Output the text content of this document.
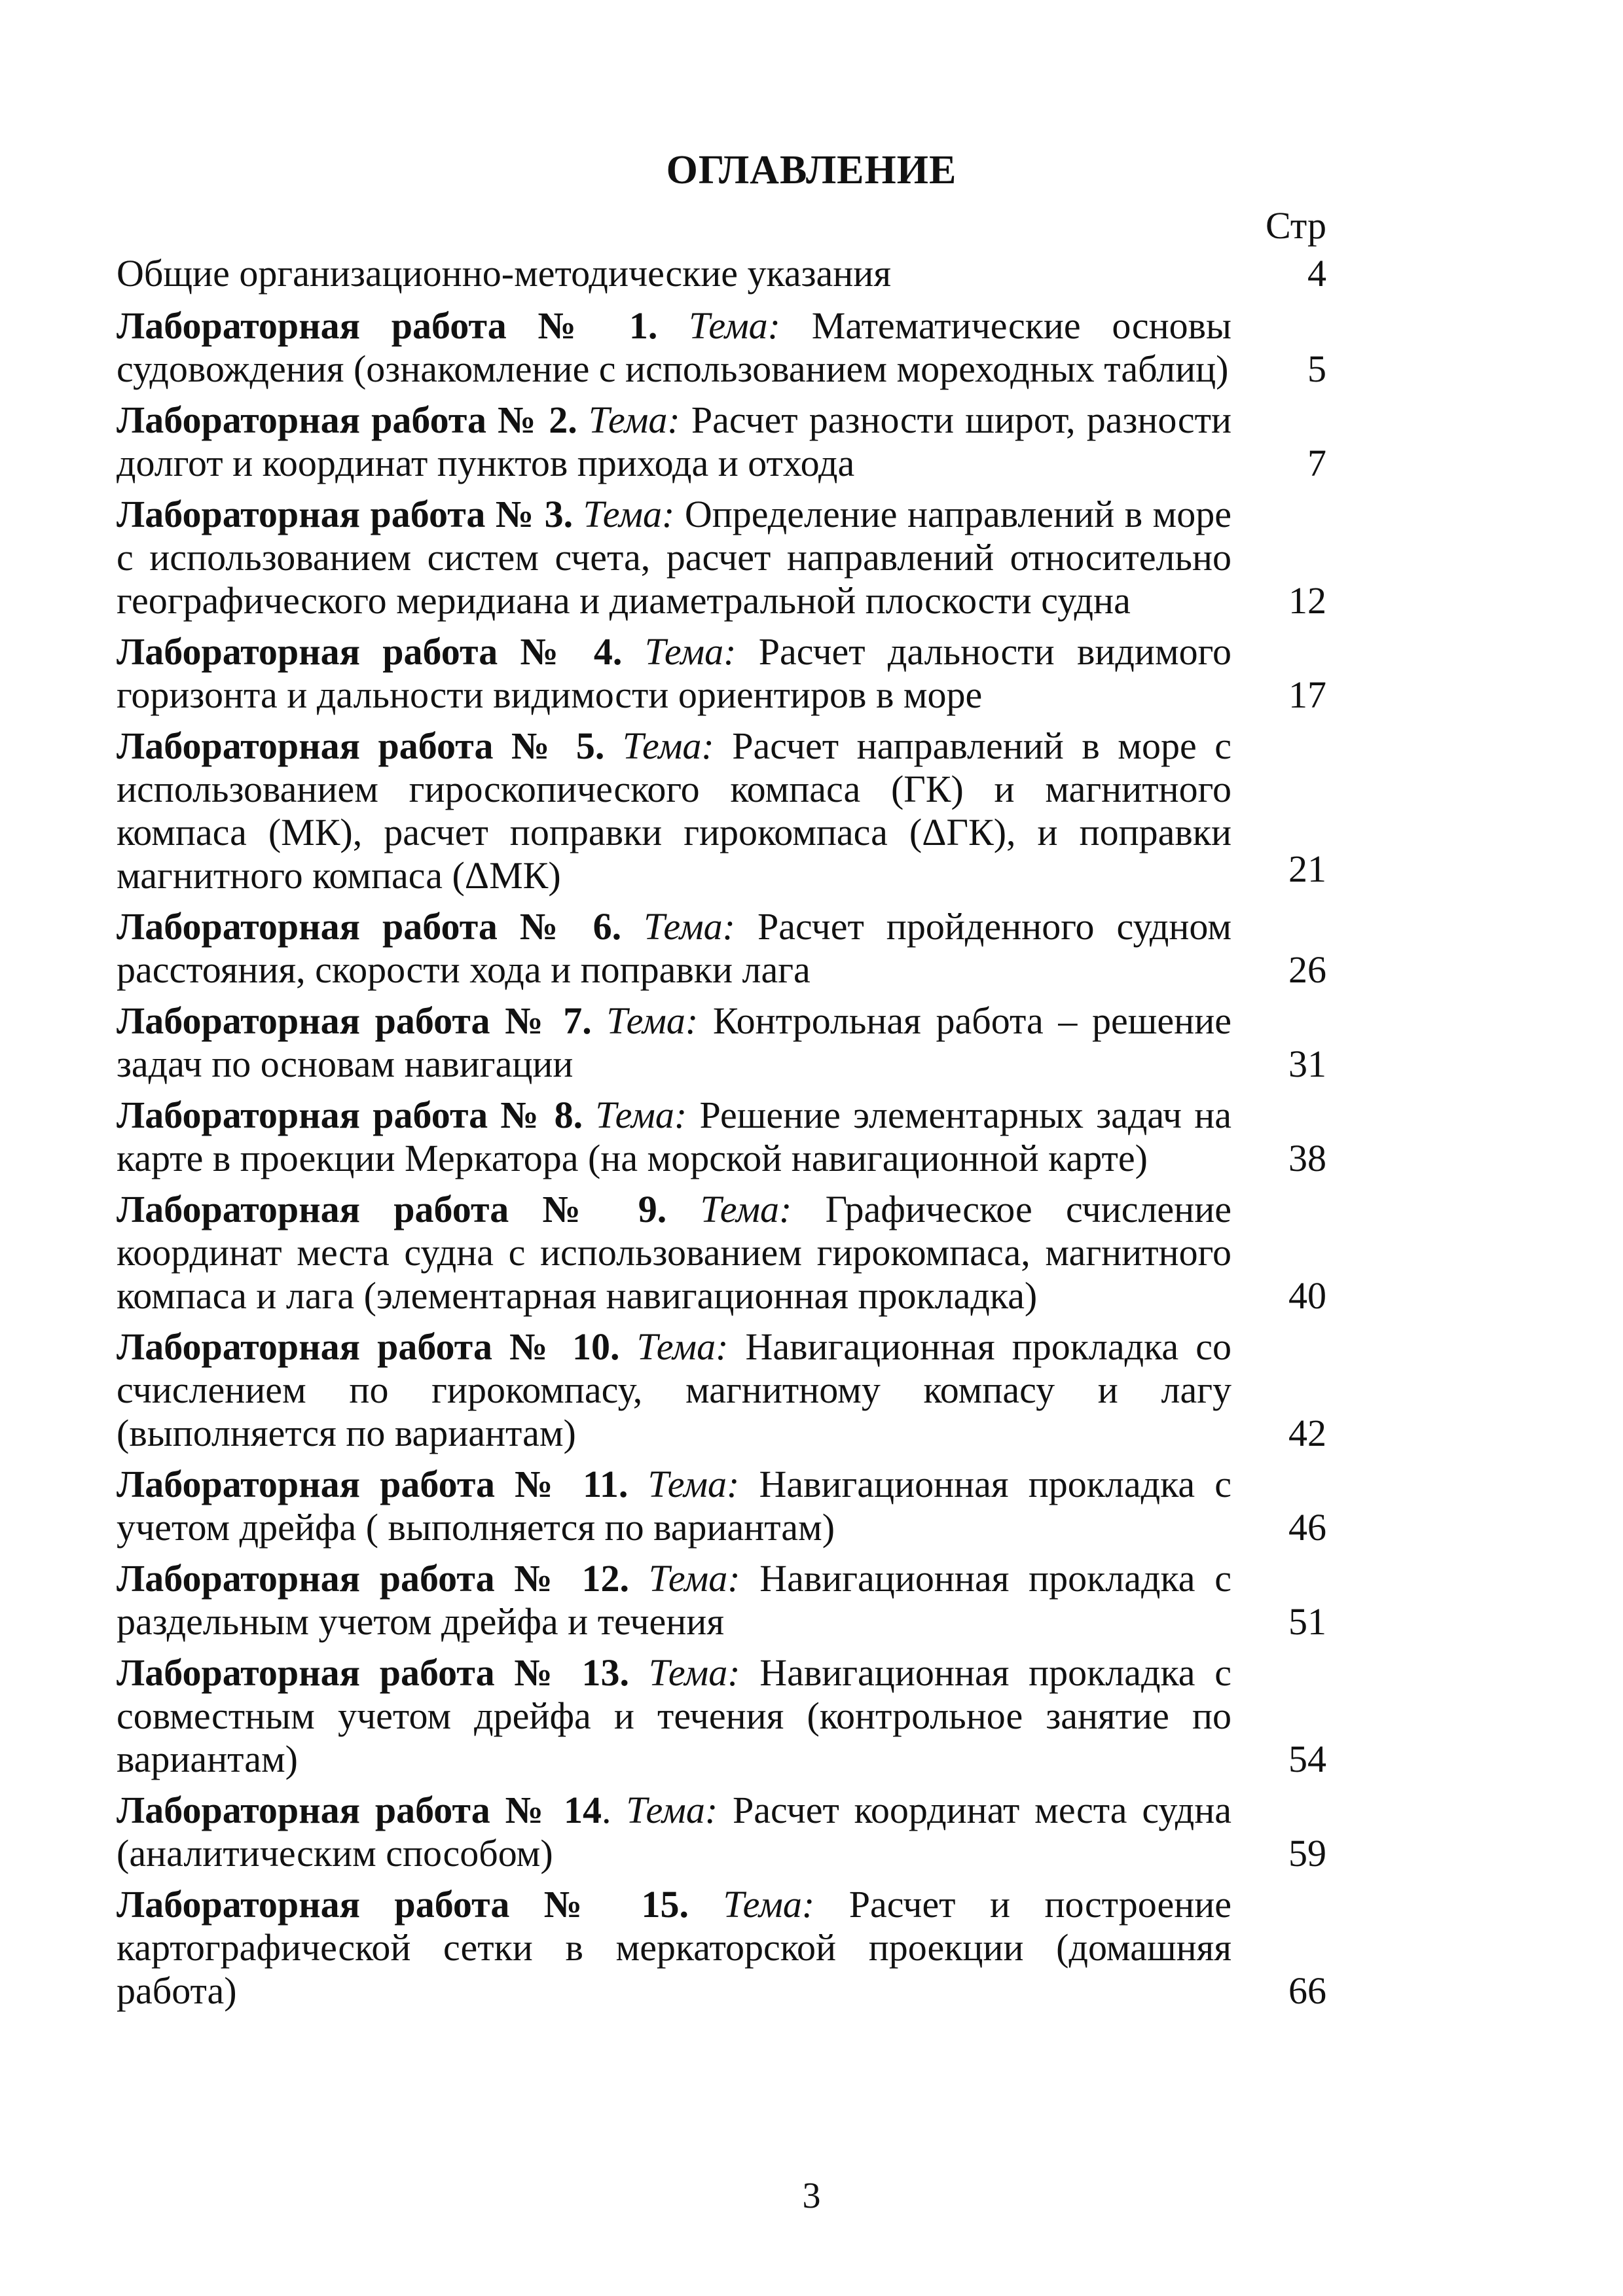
ОГЛАВЛЕНИЕ
Стр

Общие организационно-методические указания	4

Лабораторная работа № 1. Тема: Математические основы судовождения (ознакомление с использованием мореходных таблиц)	5

Лабораторная работа № 2. Тема: Расчет разности широт, разности долгот и координат пунктов прихода и отхода	7

Лабораторная работа № 3. Тема: Определение направлений в море с использованием систем счета, расчет направлений относительно географического меридиана и диаметральной плоскости судна	12

Лабораторная работа № 4. Тема: Расчет дальности видимого горизонта и дальности видимости ориентиров в море	17

Лабораторная работа № 5. Тема: Расчет направлений в море с использованием гироскопического компаса (ГК) и магнитного компаса (МК), расчет поправки гирокомпаса (ΔГК), и поправки магнитного компаса (ΔМК)	21

Лабораторная работа № 6. Тема: Расчет пройденного судном расстояния, скорости хода и поправки лага	26

Лабораторная работа № 7. Тема: Контрольная работа – решение задач по основам навигации	31

Лабораторная работа № 8. Тема: Решение элементарных задач на карте в проекции Меркатора (на морской навигационной карте)	38

Лабораторная работа № 9. Тема: Графическое счисление координат места судна с использованием гирокомпаса, магнитного компаса и лага (элементарная навигационная прокладка)	40

Лабораторная работа № 10. Тема: Навигационная прокладка со счислением по гирокомпасу, магнитному компасу и лагу (выполняется по вариантам)	42

Лабораторная работа № 11. Тема: Навигационная прокладка с учетом дрейфа ( выполняется по вариантам)	46

Лабораторная работа № 12. Тема: Навигационная прокладка с раздельным учетом дрейфа и течения	51

Лабораторная работа № 13. Тема: Навигационная прокладка с совместным учетом дрейфа и течения (контрольное занятие по вариантам)	54

Лабораторная работа № 14. Тема: Расчет координат места судна (аналитическим способом)	59

Лабораторная работа № 15. Тема: Расчет и построение картографической сетки в меркаторской проекции (домашняя работа)	66
3
